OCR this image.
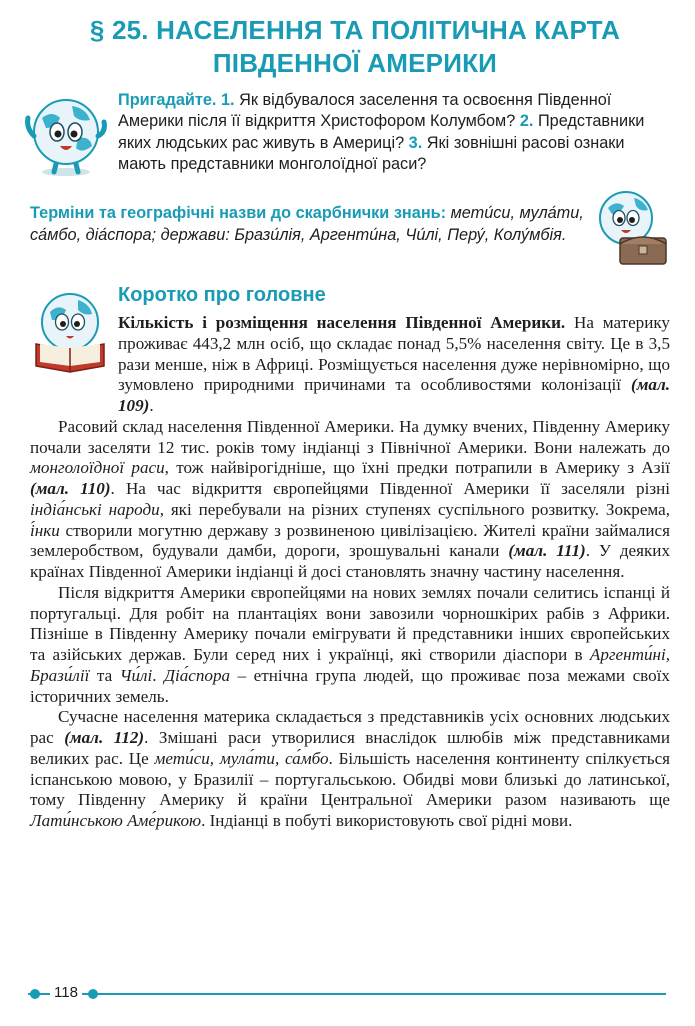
§ 25. НАСЕЛЕННЯ ТА ПОЛІТИЧНА КАРТА
ПІВДЕННОЇ АМЕРИКИ
Пригадайте. 1. Як відбувалося заселення та освоєння Південної Америки після її відкриття Христофором Колумбом? 2. Представники яких людських рас живуть в Америці? 3. Які зовнішні расові ознаки мають представники монголоїдної раси?
Терміни та географічні назви до скарбнички знань: мети́си, мула́ти, са́мбо, діа́спора; держави: Брази́лія, Аргенти́на, Чи́лі, Перу́, Колу́мбія.
Коротко про головне

Кількість і розміщення населення Південної Америки. На материку проживає 443,2 млн осіб, що складає понад 5,5% населення світу. Це в 3,5 рази менше, ніж в Африці. Розміщується населення дуже нерівномірно, що зумовлено природними причинами та особливостями колонізації (мал. 109).

Расовий склад населення Південної Америки. На думку вчених, Південну Америку почали заселяти 12 тис. років тому індіанці з Північної Америки. Вони належать до монголоїдної раси, тож найвірогідніше, що їхні предки потрапили в Америку з Азії (мал. 110). На час відкриття європейцями Південної Америки її заселяли різні індіа́нські народи, які перебували на різних ступенях суспільного розвитку. Зокрема, і́нки створили могутню державу з розвиненою цивілізацією. Жителі країни займалися землеробством, будували дамби, дороги, зрошувальні канали (мал. 111). У деяких країнах Південної Америки індіанці й досі становлять значну частину населення.

Після відкриття Америки європейцями на нових землях почали селитись іспанці й португальці. Для робіт на плантаціях вони завозили чорношкірих рабів з Африки. Пізніше в Південну Америку почали емігрувати й представники інших європейських та азійських держав. Були серед них і українці, які створили діаспори в Аргенти́ні, Брази́лії та Чи́лі. Діа́спора – етнічна група людей, що проживає поза межами своїх історичних земель.

Сучасне населення материка складається з представників усіх основних людських рас (мал. 112). Змішані раси утворилися внаслідок шлюбів між представниками великих рас. Це мети́си, мула́ти, са́мбо. Більшість населення континенту спілкується іспанською мовою, у Бразилії – португальською. Обидві мови близькі до латинської, тому Південну Америку й країни Центральної Америки разом називають ще Лати́нською Аме́рикою. Індіанці в побуті використовують свої рідні мови.

118
